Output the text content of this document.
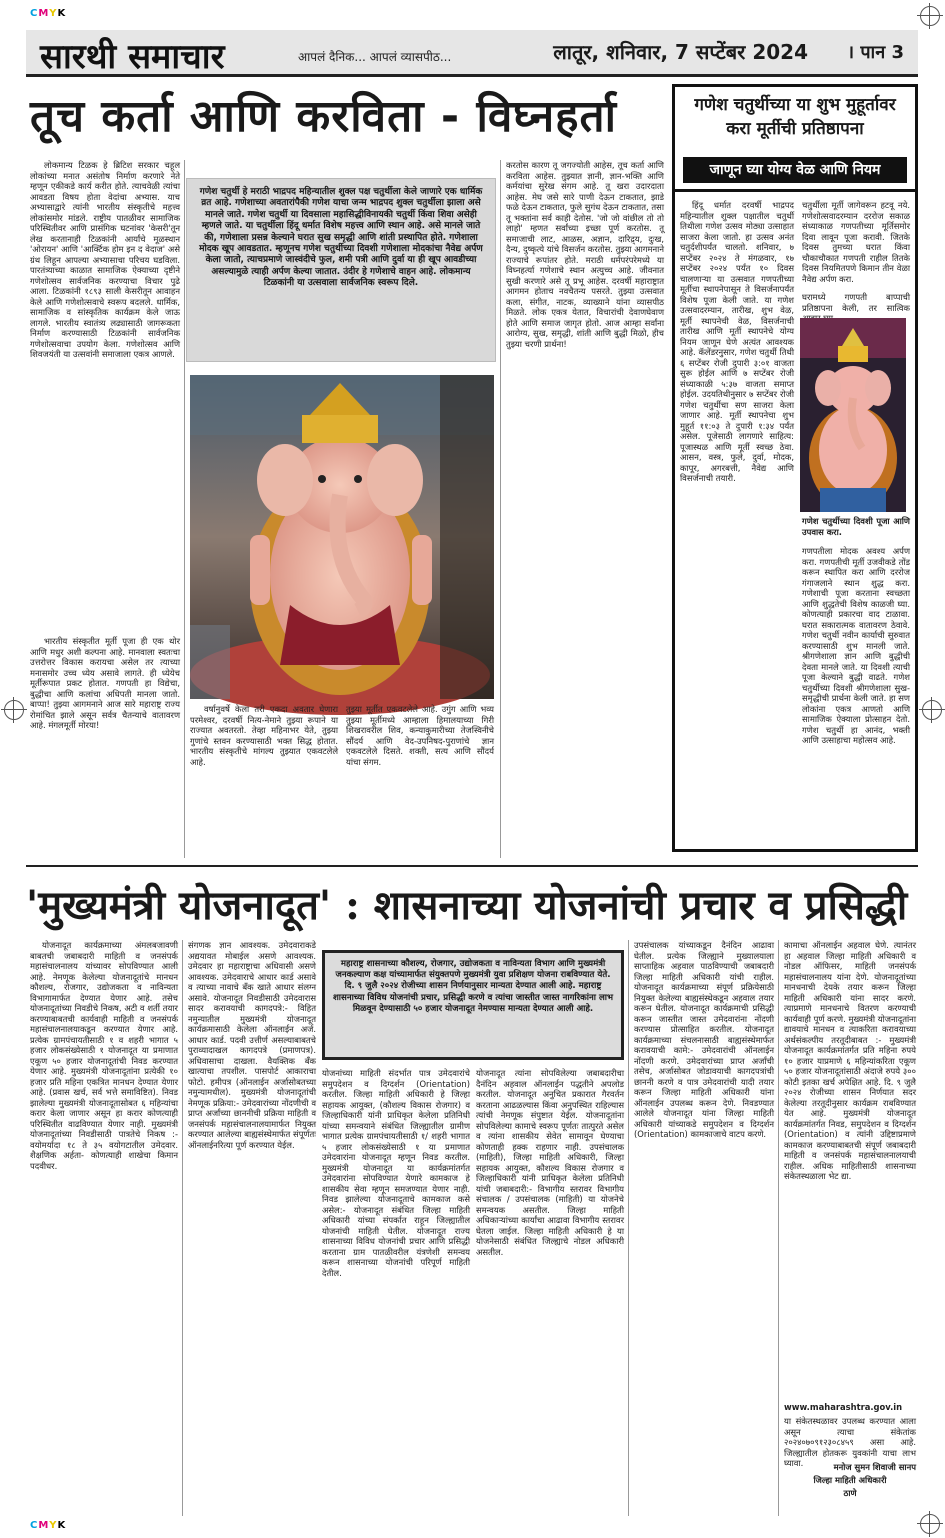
CMYK
CMYK
सारथी समाचार	आपलं दैनिक... आपलं व्यासपीठ...	लातूर, शनिवार, 7 सप्टेंबर 2024 । पान 3
तूच कर्ता आणि करविता - विघ्नहर्ता
लोकमान्य टिळक हे ब्रिटिश सरकार चहूल लोकांच्या मनात असंतोष निर्माण करणारे नेते म्हणून एकीकडे कार्य करीत होते. त्याचवेळी त्यांचा आवडता विषय होता वेदांचा अभ्यास. याच अभ्यासाद्वारे त्यांनी भारतीय संस्कृतीचे महत्त्व लोकांसमोर मांडले. राष्ट्रीय पातळीवर सामाजिक परिस्थितीवर आणि प्रासंगिक घटनांवर 'केसरी'तून लेख करतानाही टिळकांनी आर्यांचे मूळस्थान 'ओरायन' आणि 'आर्क्टिक होम इन द वेदाज' असे ग्रंथ लिहून आपल्या अभ्यासाचा परिचय घडविला. पारतंत्र्याच्या काळात सामाजिक ऐक्याच्या दृष्टीने गणेशोत्सव सार्वजनिक करण्याचा विचार पुढे आला. टिळकांनी १८९३ साली केसरीतून आवाहन केले आणि गणेशोत्सवाचे स्वरूप बदलले. धार्मिक, सामाजिक व सांस्कृतिक कार्यक्रम केले जाऊ लागले. भारतीय स्वातंत्र्य लढ्यासाठी जागरूकता निर्माण करण्यासाठी टिळकांनी सार्वजनिक गणेशोत्सवाचा उपयोग केला. गणेशोत्सव आणि शिवजयंती या उत्सवांनी समाजाला एकत्र आणले.
भारतीय संस्कृतीत मूर्ती पूजा ही एक थोर आणि मधुर अशी कल्पना आहे. मानवाला स्वतःचा उत्तरोत्तर विकास करायचा असेल तर त्याच्या मनासमोर उच्च ध्येय असावे लागते. ही ध्येयेच मूर्तीरूपात प्रकट होतात. गणपती हा विद्येचा, बुद्धीचा आणि कलांचा अधिपती मानला जातो. बाप्पा! तुझ्या आगमनाने आज सारे महाराष्ट्र राज्य रोमांचित झाले असून सर्वत्र चैतन्याचे वातावरण आहे. मंगलमूर्ती मोरया!
गणेश चतुर्थी हे मराठी भाद्रपद महिन्यातील शुक्ल पक्ष चतुर्थीला केले जाणारे एक धार्मिक व्रत आहे. गणेशाच्या अवतारांपैकी गणेश याचा जन्म भाद्रपद शुक्ल चतुर्थीला झाला असे मानले जाते. गणेश चतुर्थी या दिवसाला महासिद्धीविनायकी चतुर्थी किंवा शिवा असेही म्हणले जाते. या चतुर्थीला हिंदू धर्मात विशेष महत्त्व आणि स्थान आहे. असे मानले जाते की, गणेशाला प्रसन्न केल्याने घरात सुख समृद्धी आणि शांती प्रस्थापित होते. गणेशाला मोदक खूप आवडतात. म्हणूनच गणेश चतुर्थीच्या दिवशी गणेशाला मोदकांचा नैवेद्य अर्पण केला जातो, त्याचप्रमाणे जास्वंदीचे फुल, शमी पत्री आणि दुर्वा या ही खूप आवडीच्या असल्यामुळे त्याही अर्पण केल्या जातात. उंदीर हे गणेशाचे वाहन आहे. लोकमान्य टिळकांनी या उत्सवाला सार्वजनिक स्वरूप दिले.
वर्षानुवर्षे केला तरी एकदा अवतार घेणारा परमेश्वर, दरवर्षी नित्य-नेमाने तुझ्या रूपाने या राज्यात अवतरतो. तेव्हा महिनाभर येते, तुझ्या गुणांचे स्तवन करण्यासाठी भक्त सिद्ध होतात. भारतीय संस्कृतीचे मांगल्य तुझ्यात एकवटलेले आहे.
तुझ्या मूर्तीत एकवटलेले आहे. उगुंग आणि भव्य तुझ्या मूर्तीमध्ये आम्हाला हिमालयाच्या गिरी शिखरावरील शिव, कन्याकुमारीच्या तेजस्विनीचे सौंदर्य आणि वेद-उपनिषद-पुराणांचे ज्ञान एकवटलेले दिसते. शक्ती, सत्य आणि सौंदर्य यांचा संगम.
करतोस कारण तू जगज्योती आहेस, तूच कर्ता आणि करविता आहेस. तुझ्यात ज्ञानी, ज्ञान-भक्ति आणि कर्मयांचा सुरेख संगम आहे. तू खरा उदारदाता आहेस. मेघ जसे सारे पाणी देऊन टाकतात, झाडे फळे देऊन टाकतात, फुले सुगंध देऊन टाकतात, तसा तू भक्तांना सर्व काही देतोस. 'जो जो वांछील तो तो लाहो' म्हणत सर्वांच्या इच्छा पूर्ण करतोस. तू समाजाची लाट, आळस, अज्ञान, दारिद्र्य, दुःख, दैन्य, दुष्कृत्ये यांचे विसर्जन करतोस. तुझ्या आगमनाने राज्याचे रूपांतर होते. मराठी धर्मपरंपरेमध्ये या विघ्नहर्त्या गणेशाचे स्थान अत्युच्च आहे. जीवनात सुखी करणारे असे तू प्रभू आहेस. दरवर्षी महाराष्ट्रात आगमन होताच नवचैतन्य पसरते. तुझ्या उत्सवात कला, संगीत, नाटक, व्याख्याने यांना व्यासपीठ मिळते. लोक एकत्र येतात, विचारांची देवाणघेवाण होते आणि समाज जागृत होतो. आज आम्हा सर्वांना आरोग्य, सुख, समृद्धी, शांती आणि बुद्धी मिळो, हीच तुझ्या चरणी प्रार्थना!
गणेश चतुर्थीच्या या शुभ मुहूर्तावर करा मूर्तीची प्रतिष्ठापना
जाणून घ्या योग्य वेळ आणि नियम
हिंदू धर्मात दरवर्षी भाद्रपद महिन्यातील शुक्ल पक्षातील चतुर्थी तिथीला गणेश उत्सव मोठ्या उत्साहात साजरा केला जातो. हा उत्सव अनंत चतुर्दशीपर्यंत चालतो. शनिवार, ७ सप्टेंबर २०२४ ते मंगळवार, १७ सप्टेंबर २०२४ पर्यंत १० दिवस चालणाऱ्या या उत्सवात गणपतीच्या मूर्तीचा स्थापनेपासून ते विसर्जनापर्यंत विशेष पूजा केली जाते. या गणेश उत्सवादरम्यान, तारीख, शुभ वेळ, मूर्ती स्थापनेची वेळ, विसर्जनाची तारीख आणि मूर्ती स्थापनेचे योग्य नियम जाणून घेणे अत्यंत आवश्यक आहे. कॅलेंडरनुसार, गणेश चतुर्थी तिथी ६ सप्टेंबर रोजी दुपारी ३:०१ वाजता सुरू होईल आणि ७ सप्टेंबर रोजी संध्याकाळी ५:३७ वाजता समाप्त होईल. उदयतिथीनुसार ७ सप्टेंबर रोजी गणेश चतुर्थीचा सण साजरा केला जाणार आहे. मूर्ती स्थापनेचा शुभ मुहूर्त ११:०३ ते दुपारी १:३४ पर्यंत असेल. पूजेसाठी लागणारे साहित्य: पूजास्थळ आणि मूर्ती स्वच्छ ठेवा. आसन, वस्त्र, फुले, दुर्वा, मोदक, कापूर, अगरबत्ती, नैवेद्य आणि विसर्जनाची तयारी.
चतुर्थीला मूर्ती जागेवरून हटवू नये. गणेशोत्सवादरम्यान दररोज सकाळ संध्याकाळ गणपतीच्या मूर्तिसमोर दिवा लावून पूजा करावी. जितके दिवस तुमच्या घरात किंवा चौकाचौकात गणपती राहील तितके दिवस नियमितपणे किमान तीन वेळा नैवेद्य अर्पण करा.
घरामध्ये गणपती बाप्पाची प्रतिष्ठापना केली, तर सात्विक
गणेश चतुर्थीच्या दिवशी पूजा आणि उपवास करा.
गणपतीला मोदक अवश्य अर्पण करा. गणपतीची मूर्ती उजवीकडे तोंड करून स्थापित करा आणि दररोज गंगाजलाने स्थान शुद्ध करा. गणेशाची पूजा करताना स्वच्छता आणि शुद्धतेची विशेष काळजी घ्या. कोणत्याही प्रकारचा वाद टाळावा. घरात सकारात्मक वातावरण ठेवावे. गणेश चतुर्थी नवीन कार्याची सुरुवात करण्यासाठी शुभ मानली जाते. श्रीगणेशाला ज्ञान आणि बुद्धीची देवता मानले जाते. या दिवशी त्याची पूजा केल्याने बुद्धी वाढते. गणेश चतुर्थीच्या दिवशी श्रीगणेशाला सुख-समृद्धीची प्रार्थना केली जाते. हा सण लोकांना एकत्र आणतो आणि सामाजिक ऐक्याला प्रोत्साहन देतो. गणेश चतुर्थी हा आनंद, भक्ती आणि उत्साहाचा महोत्सव आहे.
'मुख्यमंत्री योजनादूत' : शासनाच्या योजनांची प्रचार व प्रसिद्धी
योजनादूत कार्यक्रमाच्या अंमलबजावणी बाबतची जबाबदारी माहिती व जनसंपर्क महासंचालनालय यांच्यावर सोपविण्यात आली आहे. नेमणूक केलेल्या योजनादूतांचे मानधन कौशल्य, रोजगार, उद्योजकता व नाविन्यता विभागामार्फत देण्यात येणार आहे. तसेच योजनादूतांच्या निवडीचे निकष, अटी व शर्ती तयार करण्याबाबतची कार्यवाही माहिती व जनसंपर्क महासंचालनालयाकडून करण्यात येणार आहे. प्रत्येक ग्रामपंचायतीसाठी १ व शहरी भागात ५ हजार लोकसंख्येसाठी १ योजनादूत या प्रमाणात एकूण ५० हजार योजनादूतांची निवड करण्यात येणार आहे. मुख्यमंत्री योजनादूतांना प्रत्येकी १० हजार प्रति महिना एकत्रित मानधन देण्यात येणार आहे. (प्रवास खर्च, सर्व भत्ते समाविष्टित). निवड झालेल्या मुख्यमंत्री योजनादूतासोबत ६ महिन्यांचा करार केला जाणार असून हा करार कोणत्याही परिस्थितीत वाढविण्यात येणार नाही. मुख्यमंत्री योजनादूतांच्या निवडीसाठी पात्रतेचे निकष :- वयोमर्यादा १८ ते ३५ वयोगटातील उमेदवार. शैक्षणिक अर्हता- कोणत्याही शाखेचा किमान पदवीधर.
संगणक ज्ञान आवश्यक. उमेदवाराकडे अद्ययावत मोबाईल असणे आवश्यक. उमेदवार हा महाराष्ट्राचा अधिवासी असणे आवश्यक. उमेदवाराचे आधार कार्ड असावे व त्याच्या नावाचे बँक खाते आधार संलग्न असावे. योजनादूत निवडीसाठी उमेदवारास सादर करावयाची कागदपत्रे:- विहित नमुन्यातील मुख्यमंत्री योजनादूत कार्यक्रमासाठी केलेला ऑनलाईन अर्ज. आधार कार्ड. पदवी उत्तीर्ण असल्याबाबतचे पुराव्यादाखल कागदपत्रे (प्रमाणपत्र). अधिवासाचा दाखला. वैयक्तिक बँक खात्याचा तपशील. पासपोर्ट आकाराचा फोटो. हमीपत्र (ऑनलाईन अर्जासोबतच्या नमुन्यामधील). मुख्यमंत्री योजनादूतांची नेमणूक प्रक्रिया:- उमेदवारांच्या नोंदणीची व प्राप्त अर्जांच्या छाननीची प्रक्रिया माहिती व जनसंपर्क महासंचालनालयामार्फत नियुक्त करण्यात आलेल्या बाह्यसंस्थेमार्फत संपूर्णतः ऑनलाईनरित्या पूर्ण करण्यात येईल.
महाराष्ट्र शासनाच्या कौशल्य, रोजगार, उद्योजकता व नाविन्यता विभाग आणि मुख्यमंत्री जनकल्याण कक्ष यांच्यामार्फत संयुक्तपणे मुख्यमंत्री युवा प्रशिक्षण योजना राबविण्यात येते. दि. ९ जुलै २०२४ रोजीच्या शासन निर्णयानुसार मान्यता देण्यात आली आहे. महाराष्ट्र शासनाच्या विविध योजनांची प्रचार, प्रसिद्धी करणे व त्यांचा जास्तीत जास्त नागरिकांना लाभ मिळवून देण्यासाठी ५० हजार योजनादूत नेमण्यास मान्यता देण्यात आली आहे.
योजनांच्या माहिती संदर्भात पात्र उमेदवारांचे समुपदेशन व दिग्दर्शन (Orientation) करतील. जिल्हा माहिती अधिकारी हे जिल्हा सहायक आयुक्त, (कौशल्य विकास रोजगार) व जिल्हाधिकारी यांनी प्राधिकृत केलेला प्रतिनिधी यांच्या समन्वयाने संबंधित जिल्ह्यातील ग्रामीण भागात प्रत्येक ग्रामपंचायतीसाठी १/ शहरी भागात ५ हजार लोकसंख्येसाठी १ या प्रमाणात उमेदवारांना योजनादूत म्हणून निवड करतील. मुख्यमंत्री योजनादूत या कार्यक्रमांतर्गत उमेदवारांना सोपविण्यात येणारे कामकाज हे शासकीय सेवा म्हणून समजण्यात येणार नाही. निवड झालेल्या योजनादूताचे कामकाज कसे असेल:- योजनादूत संबंधित जिल्हा माहिती अधिकारी यांच्या संपर्कात राहून जिल्ह्यातील योजनांची माहिती घेतील. योजनादूत राज्य शासनाच्या विविध योजनांची प्रचार आणि प्रसिद्धी करताना ग्राम पातळीवरील यंत्रणेशी समन्वय करून शासनाच्या योजनांची परिपूर्ण माहिती देतील.
योजनादूत त्यांना सोपविलेल्या जबाबदारीचा दैनंदिन अहवाल ऑनलाईन पद्धतीने अपलोड करतील. योजनादूत अनुचित प्रकारात गैरवर्तन करताना आढळल्यास किंवा अनुपस्थित राहिल्यास त्यांची नेमणूक संपुष्टात येईल. योजनादूतांना सोपविलेल्या कामाचे स्वरूप पूर्णतः तात्पुरते असेल व त्यांना शासकीय सेवेत सामावून घेण्याचा कोणताही हक्क राहणार नाही. उपसंचालक (माहिती), जिल्हा माहिती अधिकारी, जिल्हा सहायक आयुक्त, कौशल्य विकास रोजगार व जिल्हाधिकारी यांनी प्राधिकृत केलेला प्रतिनिधी यांची जबाबदारी:- विभागीय स्तरावर विभागीय संचालक / उपसंचालक (माहिती) या योजनेचे समन्वयक असतील. जिल्हा माहिती अधिकाऱ्यांच्या कार्यांचा आढावा विभागीय स्तरावर घेतला जाईल. जिल्हा माहिती अधिकारी हे या योजनेसाठी संबंधित जिल्ह्याचे नोडल अधिकारी असतील.
उपसंचालक यांच्याकडून दैनंदिन आढावा घेतील. प्रत्येक जिल्ह्याने मुख्यालयाला साप्ताहिक अहवाल पाठविण्याची जबाबदारी जिल्हा माहिती अधिकारी यांची राहील. योजनादूत कार्यक्रमाच्या संपूर्ण प्रक्रियेसाठी नियुक्त केलेल्या बाह्यसंस्थेकडून अहवाल तयार करून घेतील. योजनादूत कार्यक्रमाची प्रसिद्धी करून जास्तीत जास्त उमेदवारांना नोंदणी करण्यास प्रोत्साहित करतील. योजनादूत कार्यक्रमाच्या संचलनासाठी बाह्यसंस्थेमार्फत करावयाची कामे:- उमेदवारांची ऑनलाईन नोंदणी करणे. उमेदवारांच्या प्राप्त अर्जांची तसेच, अर्जासोबत जोडावयाची कागदपत्रांची छाननी करणे व पात्र उमेदवारांची यादी तयार करून जिल्हा माहिती अधिकारी यांना ऑनलाईन उपलब्ध करून देणे. निवडण्यात आलेले योजनादूत यांना जिल्हा माहिती अधिकारी यांच्याकडे समुपदेशन व दिग्दर्शन (Orientation) कामकाजाचे वाटप करणे.
कामाचा ऑनलाईन अहवाल घेणे. त्यानंतर हा अहवाल जिल्हा माहिती अधिकारी व नोडल ऑफिसर, माहिती जनसंपर्क महासंचालनालय यांना देणे. योजनादूतांच्या मानधनाची देयके तयार करून जिल्हा माहिती अधिकारी यांना सादर करणे. त्याप्रमाणे मानधनाचे वितरण करण्याची कार्यवाही पूर्ण करणे. मुख्यमंत्री योजनादूतांना द्यावयाचे मानधन व त्याकरिता करावयाच्या अर्थसंकल्पीय तरतूदीबाबत :- मुख्यमंत्री योजनादूत कार्यक्रमांतर्गत प्रति महिना रुपये १० हजार याप्रमाणे ६ महिन्यांकरिता एकूण ५० हजार योजनादूतांसाठी अंदाजे रुपये ३०० कोटी इतका खर्च अपेक्षित आहे. दि. ९ जुलै २०२४ रोजीच्या शासन निर्णयात सदर केलेल्या तरतूदीनुसार कार्यक्रम राबविण्यात येत आहे. मुख्यमंत्री योजनादूत कार्यक्रमांतर्गत निवड, समुपदेशन व दिग्दर्शन (Orientation) व त्यांनी उद्दिष्टाप्रमाणे कामकाज करण्याबाबतची संपूर्ण जबाबदारी माहिती व जनसंपर्क महासंचालनालयाची राहील. अधिक माहितीसाठी शासनाच्या संकेतस्थळाला भेट द्या.
www.maharashtra.gov.in
या संकेतस्थळावर उपलब्ध करण्यात आला असून त्याचा संकेतांक २०२४०७०९१२३०८४५९ असा आहे. जिल्ह्यातील होतकरू युवकांनी याचा लाभ घ्यावा.	मनोज सुमन शिवाजी सानप
जिल्हा माहिती अधिकारी
ठाणे
